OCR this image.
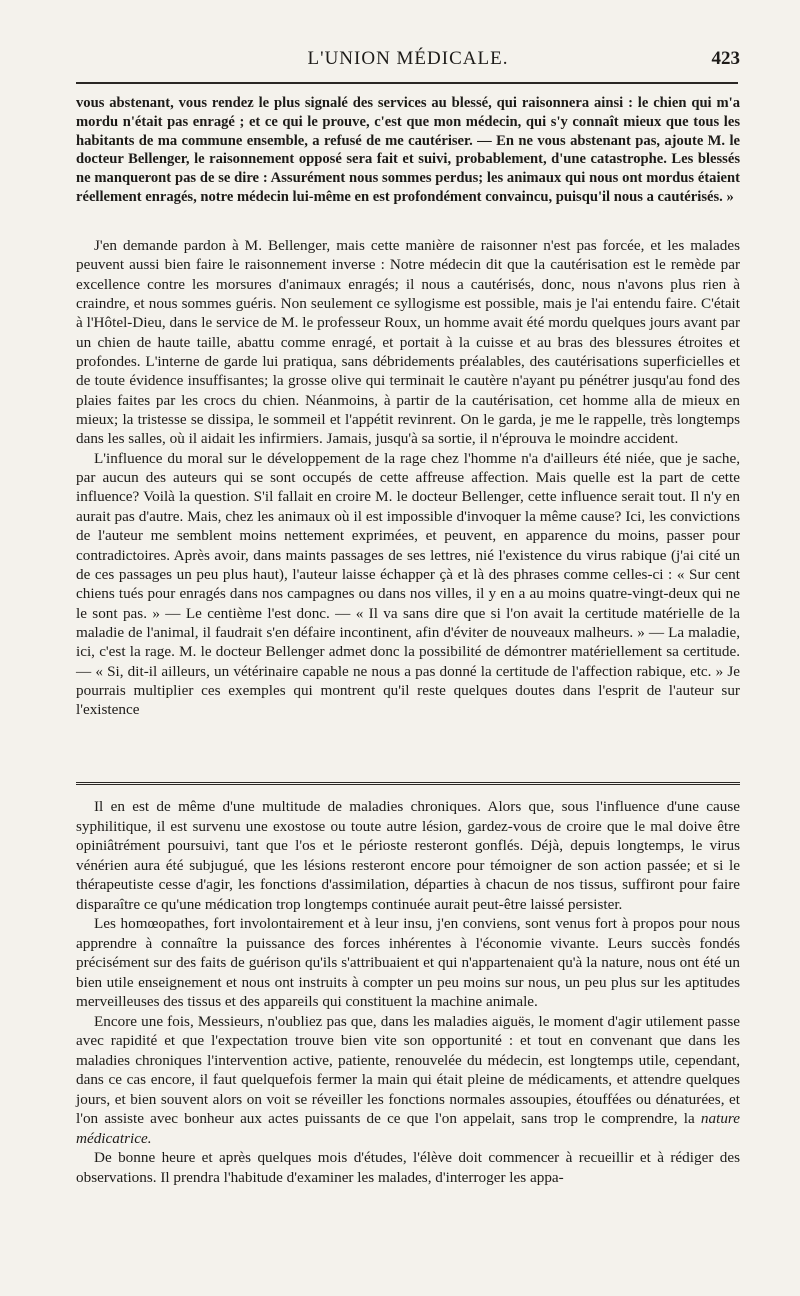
L'UNION MÉDICALE.	423

vous abstenant, vous rendez le plus signalé des services au blessé, qui raisonnera ainsi : le chien qui m'a mordu n'était pas enragé ; et ce qui le prouve, c'est que mon médecin, qui s'y connaît mieux que tous les habitants de ma commune ensemble, a refusé de me cautériser. — En ne vous abstenant pas, ajoute M. le docteur Bellenger, le raisonnement opposé sera fait et suivi, probablement, d'une catastrophe. Les blessés ne manqueront pas de se dire : Assurément nous sommes perdus; les animaux qui nous ont mordus étaient réellement enragés, notre médecin lui-même en est profondément convaincu, puisqu'il nous a cautérisés. »

J'en demande pardon à M. Bellenger, mais cette manière de raisonner n'est pas forcée, et les malades peuvent aussi bien faire le raisonnement inverse : Notre médecin dit que la cautérisation est le remède par excellence contre les morsures d'animaux enragés; il nous a cautérisés, donc, nous n'avons plus rien à craindre, et nous sommes guéris. Non seulement ce syllogisme est possible, mais je l'ai entendu faire. C'était à l'Hôtel-Dieu, dans le service de M. le professeur Roux, un homme avait été mordu quelques jours avant par un chien de haute taille, abattu comme enragé, et portait à la cuisse et au bras des blessures étroites et profondes. L'interne de garde lui pratiqua, sans débridements préalables, des cautérisations superficielles et de toute évidence insuffisantes; la grosse olive qui terminait le cautère n'ayant pu pénétrer jusqu'au fond des plaies faites par les crocs du chien. Néanmoins, à partir de la cautérisation, cet homme alla de mieux en mieux; la tristesse se dissipa, le sommeil et l'appétit revinrent. On le garda, je me le rappelle, très longtemps dans les salles, où il aidait les infirmiers. Jamais, jusqu'à sa sortie, il n'éprouva le moindre accident.

L'influence du moral sur le développement de la rage chez l'homme n'a d'ailleurs été niée, que je sache, par aucun des auteurs qui se sont occupés de cette affreuse affection. Mais quelle est la part de cette influence? Voilà la question. S'il fallait en croire M. le docteur Bellenger, cette influence serait tout. Il n'y en aurait pas d'autre. Mais, chez les animaux où il est impossible d'invoquer la même cause? Ici, les convictions de l'auteur me semblent moins nettement exprimées, et peuvent, en apparence du moins, passer pour contradictoires. Après avoir, dans maints passages de ses lettres, nié l'existence du virus rabique (j'ai cité un de ces passages un peu plus haut), l'auteur laisse échapper çà et là des phrases comme celles-ci : « Sur cent chiens tués pour enragés dans nos campagnes ou dans nos villes, il y en a au moins quatre-vingt-deux qui ne le sont pas. » — Le centième l'est donc. — « Il va sans dire que si l'on avait la certitude matérielle de la maladie de l'animal, il faudrait s'en défaire incontinent, afin d'éviter de nouveaux malheurs. » — La maladie, ici, c'est la rage. M. le docteur Bellenger admet donc la possibilité de démontrer matériellement sa certitude. — « Si, dit-il ailleurs, un vétérinaire capable ne nous a pas donné la certitude de l'affection rabique, etc. » Je pourrais multiplier ces exemples qui montrent qu'il reste quelques doutes dans l'esprit de l'auteur sur l'existence

Il en est de même d'une multitude de maladies chroniques. Alors que, sous l'influence d'une cause syphilitique, il est survenu une exostose ou toute autre lésion, gardez-vous de croire que le mal doive être opiniâtrément poursuivi, tant que l'os et le périoste resteront gonflés. Déjà, depuis longtemps, le virus vénérien aura été subjugué, que les lésions resteront encore pour témoigner de son action passée; et si le thérapeutiste cesse d'agir, les fonctions d'assimilation, départies à chacun de nos tissus, suffiront pour faire disparaître ce qu'une médication trop longtemps continuée aurait peut-être laissé persister.

Les homœopathes, fort involontairement et à leur insu, j'en conviens, sont venus fort à propos pour nous apprendre à connaître la puissance des forces inhérentes à l'économie vivante. Leurs succès fondés précisément sur des faits de guérison qu'ils s'attribuaient et qui n'appartenaient qu'à la nature, nous ont été un bien utile enseignement et nous ont instruits à compter un peu moins sur nous, un peu plus sur les aptitudes merveilleuses des tissus et des appareils qui constituent la machine animale.

Encore une fois, Messieurs, n'oubliez pas que, dans les maladies aiguës, le moment d'agir utilement passe avec rapidité et que l'expectation trouve bien vite son opportunité : et tout en convenant que dans les maladies chroniques l'intervention active, patiente, renouvelée du médecin, est longtemps utile, cependant, dans ce cas encore, il faut quelquefois fermer la main qui était pleine de médicaments, et attendre quelques jours, et bien souvent alors on voit se réveiller les fonctions normales assoupies, étouffées ou dénaturées, et l'on assiste avec bonheur aux actes puissants de ce que l'on appelait, sans trop le comprendre, la nature médicatrice.

De bonne heure et après quelques mois d'études, l'élève doit commencer à recueillir et à rédiger des observations. Il prendra l'habitude d'examiner les malades, d'interroger les appa-
